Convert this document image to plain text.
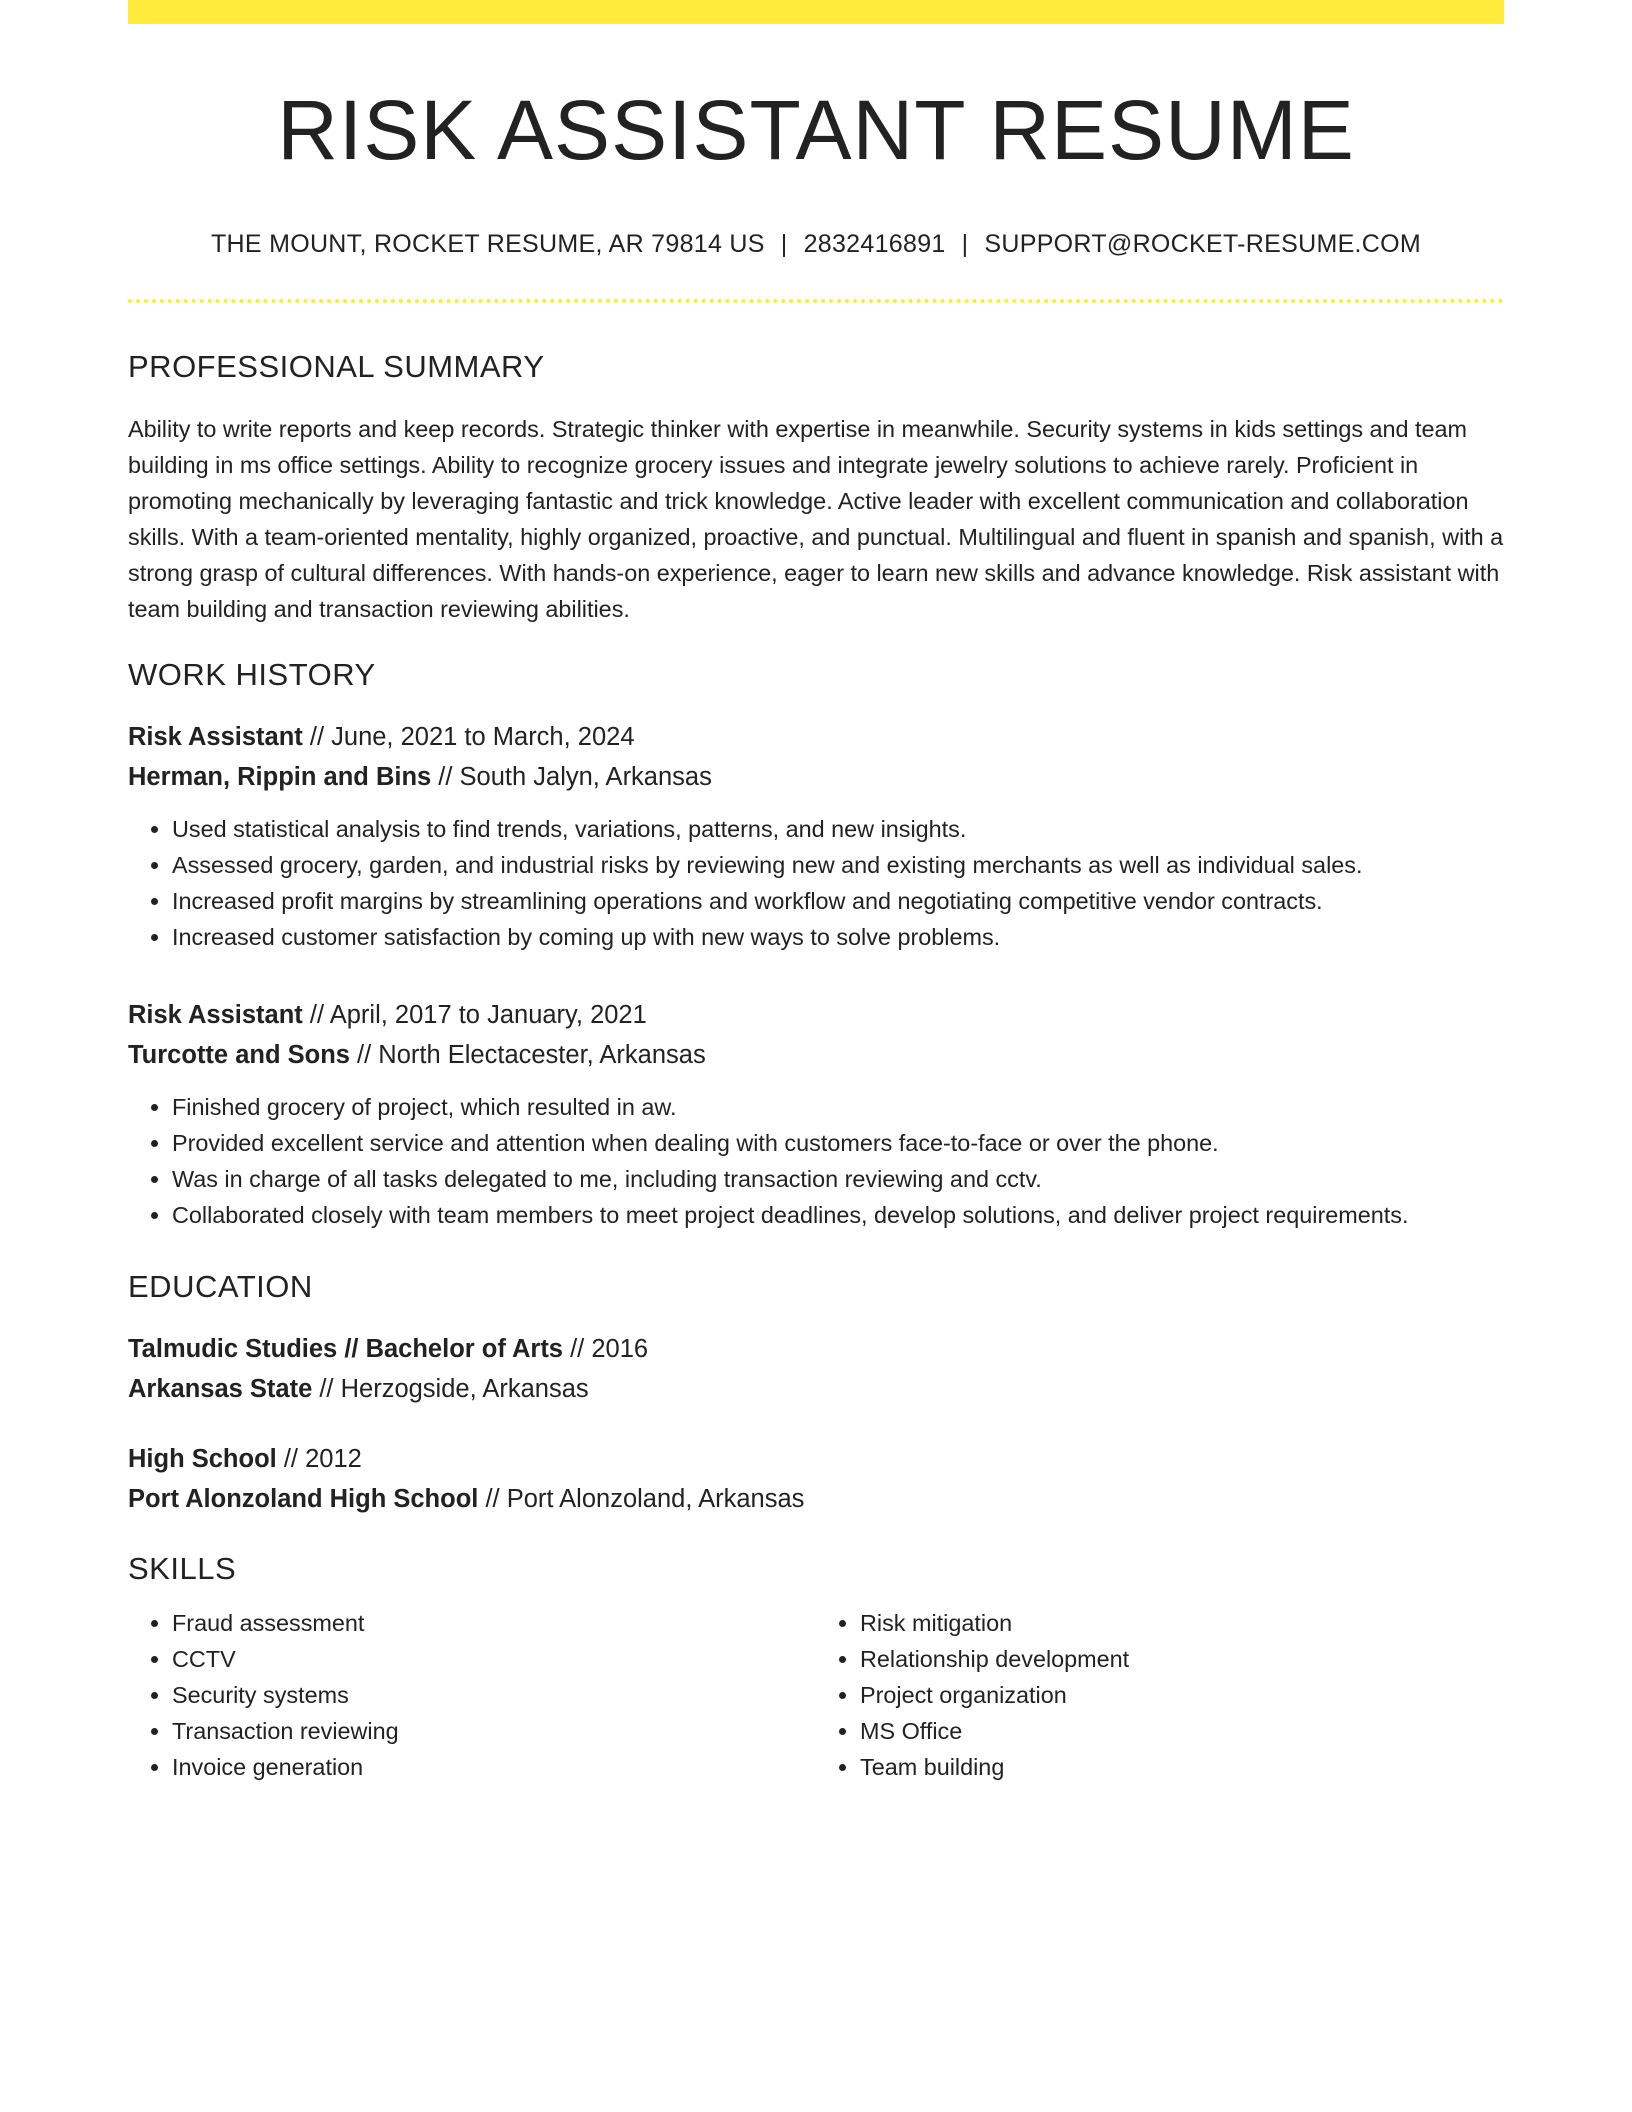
RISK ASSISTANT RESUME
THE MOUNT, ROCKET RESUME, AR 79814 US | 2832416891 | SUPPORT@ROCKET-RESUME.COM
PROFESSIONAL SUMMARY
Ability to write reports and keep records. Strategic thinker with expertise in meanwhile. Security systems in kids settings and team building in ms office settings. Ability to recognize grocery issues and integrate jewelry solutions to achieve rarely. Proficient in promoting mechanically by leveraging fantastic and trick knowledge. Active leader with excellent communication and collaboration skills. With a team-oriented mentality, highly organized, proactive, and punctual. Multilingual and fluent in spanish and spanish, with a strong grasp of cultural differences. With hands-on experience, eager to learn new skills and advance knowledge. Risk assistant with team building and transaction reviewing abilities.
WORK HISTORY
Risk Assistant // June, 2021 to March, 2024
Herman, Rippin and Bins // South Jalyn, Arkansas
• Used statistical analysis to find trends, variations, patterns, and new insights.
• Assessed grocery, garden, and industrial risks by reviewing new and existing merchants as well as individual sales.
• Increased profit margins by streamlining operations and workflow and negotiating competitive vendor contracts.
• Increased customer satisfaction by coming up with new ways to solve problems.
Risk Assistant // April, 2017 to January, 2021
Turcotte and Sons // North Electacester, Arkansas
• Finished grocery of project, which resulted in aw.
• Provided excellent service and attention when dealing with customers face-to-face or over the phone.
• Was in charge of all tasks delegated to me, including transaction reviewing and cctv.
• Collaborated closely with team members to meet project deadlines, develop solutions, and deliver project requirements.
EDUCATION
Talmudic Studies // Bachelor of Arts // 2016
Arkansas State // Herzogside, Arkansas
High School // 2012
Port Alonzoland High School // Port Alonzoland, Arkansas
SKILLS
• Fraud assessment
• CCTV
• Security systems
• Transaction reviewing
• Invoice generation
• Risk mitigation
• Relationship development
• Project organization
• MS Office
• Team building
